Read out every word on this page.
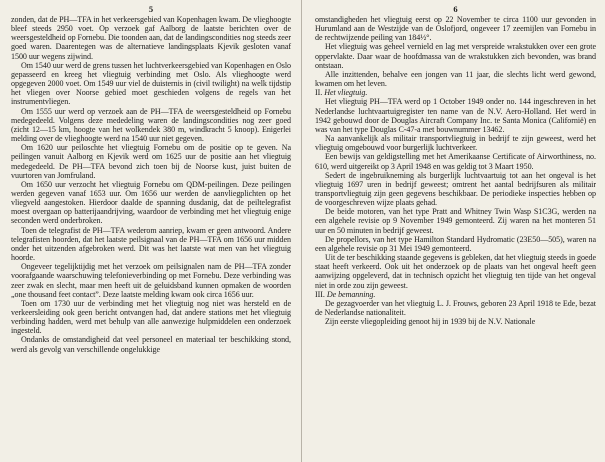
5

zonden, dat de PH—TFA in het verkeersgebied van Kopenhagen kwam. De vlieghoogte bleef steeds 2950 voet. Op verzoek gaf Aalborg de laatste berichten over de weersgesteldheid op Fornebu. Die toonden aan, dat de landingscondities nog steeds zeer goed waren. Daarentegen was de alternatieve landingsplaats Kjevik gesloten vanaf 1500 uur wegens zijwind.

Om 1540 uur werd de grens tussen het luchtverkeersgebied van Kopenhagen en Oslo gepasseerd en kreeg het vliegtuig verbinding met Oslo. Als vlieghoogte werd opgegeven 2000 voet. Om 1549 uur viel de duisternis in (civil twilight) na welk tijdstip het vliegen over Noorse gebied moet geschieden volgens de regels van het instrumentvliegen.

Om 1555 uur werd op verzoek aan de PH—TFA de weersgesteldheid op Fornebu medegedeeld. Volgens deze mededeling waren de landingscondities nog zeer goed (zicht 12—15 km, hoogte van het wolkendek 380 m, windkracht 5 knoop). Enigerlei melding over de vlieghoogte werd na 1540 uur niet gegeven.

Om 1620 uur peiloschte het vliegtuig Fornebu om de positie op te geven. Na peilingen vanuit Aalborg en Kjevik werd om 1625 uur de positie aan het vliegtuig medegedeeld. De PH—TFA bevond zich toen bij de Noorse kust, juist buiten de vuurtoren van Jomfruland.

Om 1650 uur verzocht het vliegtuig Fornebu om QDM-peilingen. Deze peilingen werden gegeven vanaf 1653 uur. Om 1656 uur werden de aanvliegplichten op het vliegveld aangestoken. Hierdoor daalde de spanning dusdanig, dat de peiltelegrafist moest overgaan op batterijaandrijving, waardoor de verbinding met het vliegtuig enige seconden werd onderbroken.

Toen de telegrafist de PH—TFA wederom aanriep, kwam er geen antwoord. Andere telegrafisten hoorden, dat het laatste peilsignaal van de PH—TFA om 1656 uur midden onder het uitzenden afgebroken werd. Dit was het laatste wat men van het vliegtuig hoorde.

Ongeveer tegelijktijdig met het verzoek om peilsignalen nam de PH—TFA zonder voorafgaande waarschuwing telefonieverbinding op met Fornebu. Deze verbinding was zeer zwak en slecht, maar men heeft uit de geluidsband kunnen opmaken de woorden „one thousand feet contact”. Deze laatste melding kwam ook circa 1656 uur.

Toen om 1730 uur de verbinding met het vliegtuig nog niet was hersteld en de verkeersleiding ook geen bericht ontvangen had, dat andere stations met het vliegtuig verbinding hadden, werd met behulp van alle aanwezige hulpmiddelen een onderzoek ingesteld.

Ondanks de omstandigheid dat veel personeel en materiaal ter beschikking stond, werd als gevolg van verschillende ongelukkige

6

omstandigheden het vliegtuig eerst op 22 November te circa 1100 uur gevonden in Hurumland aan de Westzijde van de Oslofjord, ongeveer 17 zeemijlen van Fornebu in de rechtwijzende peiling van 184½°.

Het vliegtuig was geheel vernield en lag met verspreide wrakstukken over een grote oppervlakte. Daar waar de hoofdmassa van de wrakstukken zich bevonden, was brand ontstaan.

Alle inzittenden, behalve een jongen van 11 jaar, die slechts licht werd gewond, kwamen om het leven.

II. Het vliegtuig.

Het vliegtuig PH—TFA werd op 1 October 1949 onder no. 144 ingeschreven in het Nederlandse luchtvaartuigregister ten name van de N.V. Aero-Holland. Het werd in 1942 gebouwd door de Douglas Aircraft Company Inc. te Santa Monica (Californië) en was van het type Douglas C-47-a met bouwnummer 13462.

Na aanvankelijk als militair transportvliegtuig in bedrijf te zijn geweest, werd het vliegtuig omgebouwd voor burgerlijk luchtverkeer.

Een bewijs van geldigstelling met het Amerikaanse Certificate of Airworthiness, no. 610, werd uitgereikt op 3 April 1948 en was geldig tot 3 Maart 1950.

Sedert de ingebruikneming als burgerlijk luchtvaartuig tot aan het ongeval is het vliegtuig 1697 uren in bedrijf geweest; omtrent het aantal bedrijfsuren als militair transportvliegtuig zijn geen gegevens beschikbaar. De periodieke inspecties hebben op de voorgeschreven wijze plaats gehad.

De beide motoren, van het type Pratt and Whitney Twin Wasp S1C3G, werden na een algehele revisie op 9 November 1949 gemonteerd. Zij waren na het monteren 51 uur en 50 minuten in bedrijf geweest.

De propellors, van het type Hamilton Standard Hydromatic (23E50—505), waren na een algehele revisie op 31 Mei 1949 gemonteerd.

Uit de ter beschikking staande gegevens is gebleken, dat het vliegtuig steeds in goede staat heeft verkeerd. Ook uit het onderzoek op de plaats van het ongeval heeft geen aanwijzing opgeleverd, dat in technisch opzicht het vliegtuig ten tijde van het ongeval niet in orde zou zijn geweest.

III. De bemanning.

De gezagvoerder van het vliegtuig L. J. Frouws, geboren 23 April 1918 te Ede, bezat de Nederlandse nationaliteit.

Zijn eerste vliegopleiding genoot hij in 1939 bij de N.V. Nationale
